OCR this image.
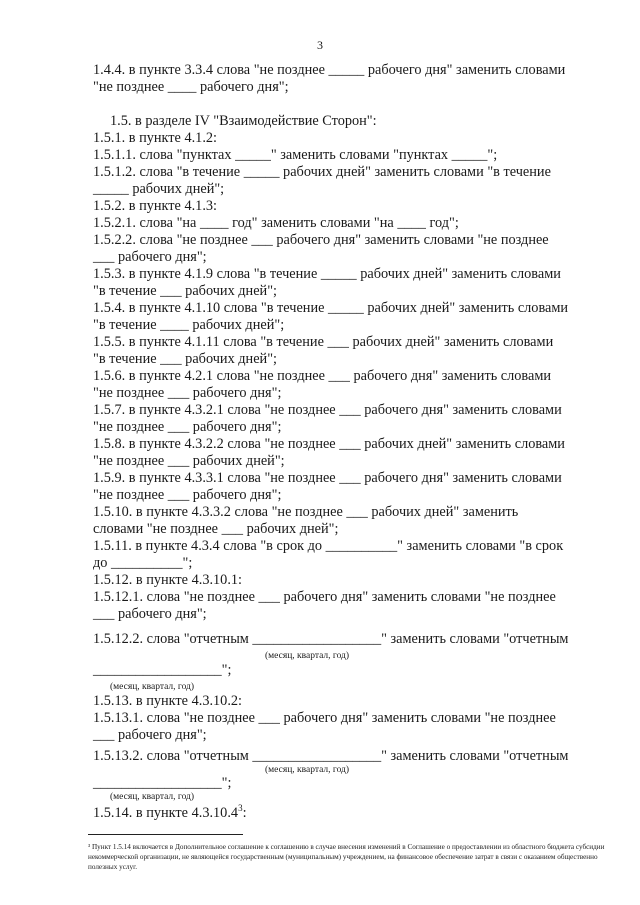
3
1.4.4. в пункте 3.3.4 слова "не позднее _____ рабочего дня" заменить словами
"не позднее ____ рабочего дня";
1.5. в разделе IV "Взаимодействие Сторон":
1.5.1. в пункте 4.1.2:
1.5.1.1. слова "пунктах _____" заменить словами "пунктах _____";
1.5.1.2. слова "в течение _____ рабочих дней" заменить словами "в течение
_____ рабочих дней";
1.5.2. в пункте 4.1.3:
1.5.2.1. слова "на ____ год" заменить словами "на ____ год";
1.5.2.2. слова "не позднее ___ рабочего дня" заменить словами "не позднее
___ рабочего дня";
1.5.3. в пункте 4.1.9 слова "в течение _____ рабочих дней" заменить словами
"в течение ___ рабочих дней";
1.5.4. в пункте 4.1.10 слова "в течение _____ рабочих дней" заменить словами
"в течение ____ рабочих дней";
1.5.5. в пункте 4.1.11 слова "в течение ___ рабочих дней" заменить словами
"в течение ___ рабочих дней";
1.5.6. в пункте 4.2.1 слова "не позднее ___ рабочего дня" заменить словами
"не позднее ___ рабочего дня";
1.5.7. в пункте 4.3.2.1 слова "не позднее ___ рабочего дня" заменить словами
"не позднее ___ рабочего дня";
1.5.8. в пункте 4.3.2.2 слова "не позднее ___ рабочих дней" заменить словами
"не позднее ___ рабочих дней";
1.5.9. в пункте 4.3.3.1 слова "не позднее ___ рабочего дня" заменить словами
"не позднее ___ рабочего дня";
1.5.10. в пункте 4.3.3.2 слова "не позднее ___ рабочих дней" заменить
словами "не позднее ___ рабочих дней";
1.5.11. в пункте 4.3.4 слова "в срок до __________" заменить словами "в срок
до __________";
1.5.12. в пункте 4.3.10.1:
1.5.12.1. слова "не позднее ___ рабочего дня" заменить словами "не позднее
___ рабочего дня";
1.5.12.2. слова "отчетным __________________" заменить словами "отчетным
(месяц, квартал, год)
__________________";
(месяц, квартал, год)
1.5.13. в пункте 4.3.10.2:
1.5.13.1. слова "не позднее ___ рабочего дня" заменить словами "не позднее
___ рабочего дня";
1.5.13.2. слова "отчетным __________________" заменить словами "отчетным
(месяц, квартал, год)
__________________";
(месяц, квартал, год)
1.5.14. в пункте 4.3.10.4$^3$:
³ Пункт 1.5.14 включается в Дополнительное соглашение к соглашению в случае внесения изменений в Соглашение о предоставлении из областного бюджета субсидии некоммерческой организации, не являющейся государственным (муниципальным) учреждением, на финансовое обеспечение затрат в связи с оказанием общественно полезных услуг.
